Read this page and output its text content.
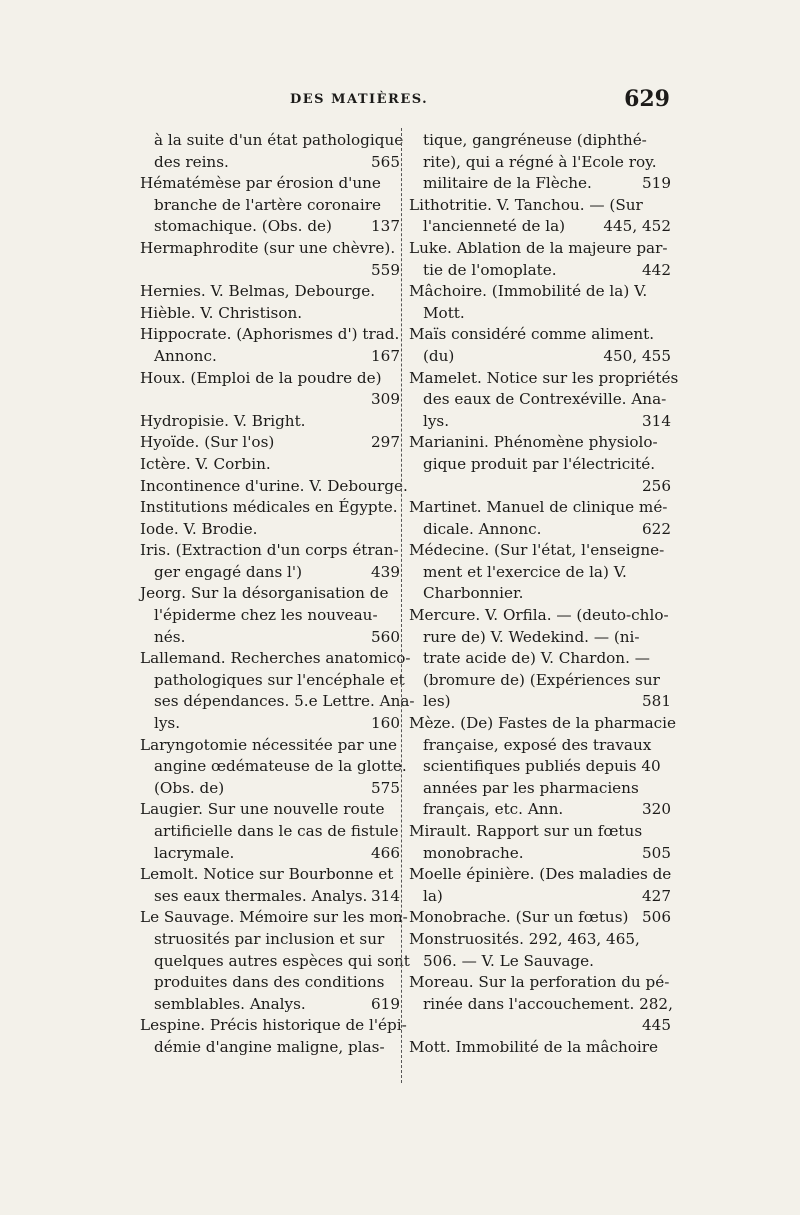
DES MATIÈRES.	629
à la suite d'un état pathologique
des reins.	565
Hématémèse par érosion d'une
branche de l'artère coronaire
stomachique. (Obs. de)	137
Hermaphrodite (sur une chèvre).
559
Hernies. V. Belmas, Debourge.
Hièble. V. Christison.
Hippocrate. (Aphorismes d') trad.
Annonc.	167
Houx. (Emploi de la poudre de)
309
Hydropisie. V. Bright.
Hyoïde. (Sur l'os)	297
Ictère. V. Corbin.
Incontinence d'urine. V. Debourge.
Institutions médicales en Égypte.
Iode. V. Brodie.
Iris. (Extraction d'un corps étran-
ger engagé dans l')	439
Jeorg. Sur la désorganisation de
l'épiderme chez les nouveau-
nés.	560
Lallemand. Recherches anatomico-
pathologiques sur l'encéphale et
ses dépendances. 5.e Lettre. Ana-
lys.	160
Laryngotomie nécessitée par une
angine œdémateuse de la glotte.
(Obs. de)	575
Laugier. Sur une nouvelle route
artificielle dans le cas de fistule
lacrymale.	466
Lemolt. Notice sur Bourbonne et
ses eaux thermales. Analys. 314
Le Sauvage. Mémoire sur les mon-
struosités par inclusion et sur
quelques autres espèces qui sont
produites dans des conditions
semblables. Analys.	619
Lespine. Précis historique de l'épi-
démie d'angine maligne, plas-
tique, gangréneuse (diphthé-
rite), qui a régné à l'Ecole roy.
militaire de la Flèche.	519
Lithotritie. V. Tanchou. — (Sur
l'ancienneté de la)	445, 452
Luke. Ablation de la majeure par-
tie de l'omoplate.	442
Mâchoire. (Immobilité de la) V.
Mott.
Maïs considéré comme aliment.
(du)	450, 455
Mamelet. Notice sur les propriétés
des eaux de Contrexéville. Ana-
lys.	314
Marianini. Phénomène physiolo-
gique produit par l'électricité.
256
Martinet. Manuel de clinique mé-
dicale. Annonc.	622
Médecine. (Sur l'état, l'enseigne-
ment et l'exercice de la) V.
Charbonnier.
Mercure. V. Orfila. — (deuto-chlo-
rure de) V. Wedekind. — (ni-
trate acide de) V. Chardon. —
(bromure de) (Expériences sur
les)	581
Mèze. (De) Fastes de la pharmacie
française, exposé des travaux
scientifiques publiés depuis 40
années par les pharmaciens
français, etc. Ann.	320
Mirault. Rapport sur un fœtus
monobrache.	505
Moelle épinière. (Des maladies de
la)	427
Monobrache. (Sur un fœtus) 506
Monstruosités. 292, 463, 465,
506. — V. Le Sauvage.
Moreau. Sur la perforation du pé-
rinée dans l'accouchement. 282,
445
Mott. Immobilité de la mâchoire
